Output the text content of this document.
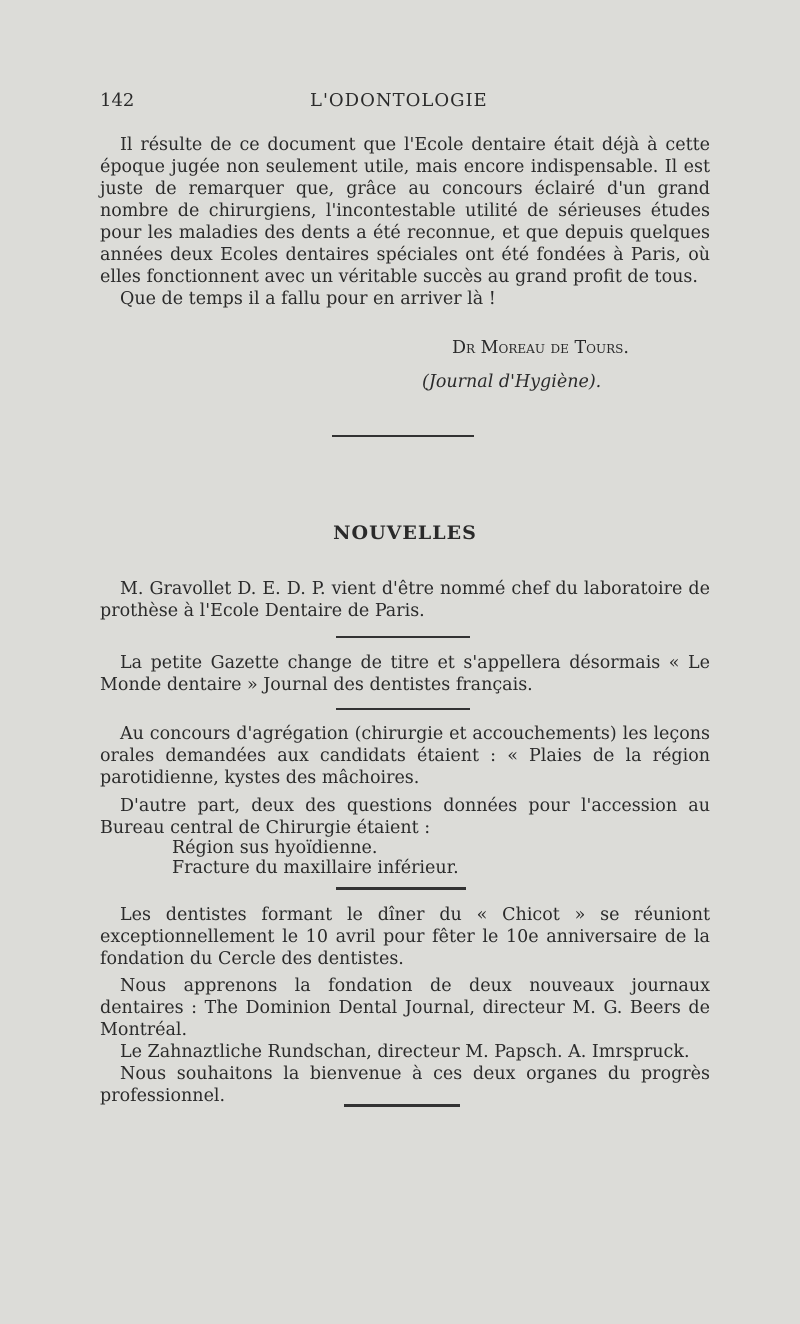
142	L'ODONTOLOGIE

Il résulte de ce document que l'Ecole dentaire était déjà à cette époque jugée non seulement utile, mais encore indispensable. Il est juste de remarquer que, grâce au concours éclairé d'un grand nombre de chirurgiens, l'incontestable utilité de sérieuses études pour les maladies des dents a été reconnue, et que depuis quelques années deux Ecoles dentaires spéciales ont été fondées à Paris, où elles fonctionnent avec un véritable succès au grand profit de tous.

Que de temps il a fallu pour en arriver là !

Dr Moreau de Tours.
(Journal d'Hygiène).
NOUVELLES

M. Gravollet D. E. D. P. vient d'être nommé chef du laboratoire de prothèse à l'Ecole Dentaire de Paris.

La petite Gazette change de titre et s'appellera désormais « Le Monde dentaire » Journal des dentistes français.

Au concours d'agrégation (chirurgie et accouchements) les leçons orales demandées aux candidats étaient : « Plaies de la région parotidienne, kystes des mâchoires.

D'autre part, deux des questions données pour l'accession au Bureau central de Chirurgie étaient :

Région sus hyoïdienne.
Fracture du maxillaire inférieur.

Les dentistes formant le dîner du « Chicot » se réuniont exceptionnellement le 10 avril pour fêter le 10e anniversaire de la fondation du Cercle des dentistes.

Nous apprenons la fondation de deux nouveaux journaux dentaires : The Dominion Dental Journal, directeur M. G. Beers de Montréal.

Le Zahnaztliche Rundschan, directeur M. Papsch. A. Imrspruck.

Nous souhaitons la bienvenue à ces deux organes du progrès professionnel.
